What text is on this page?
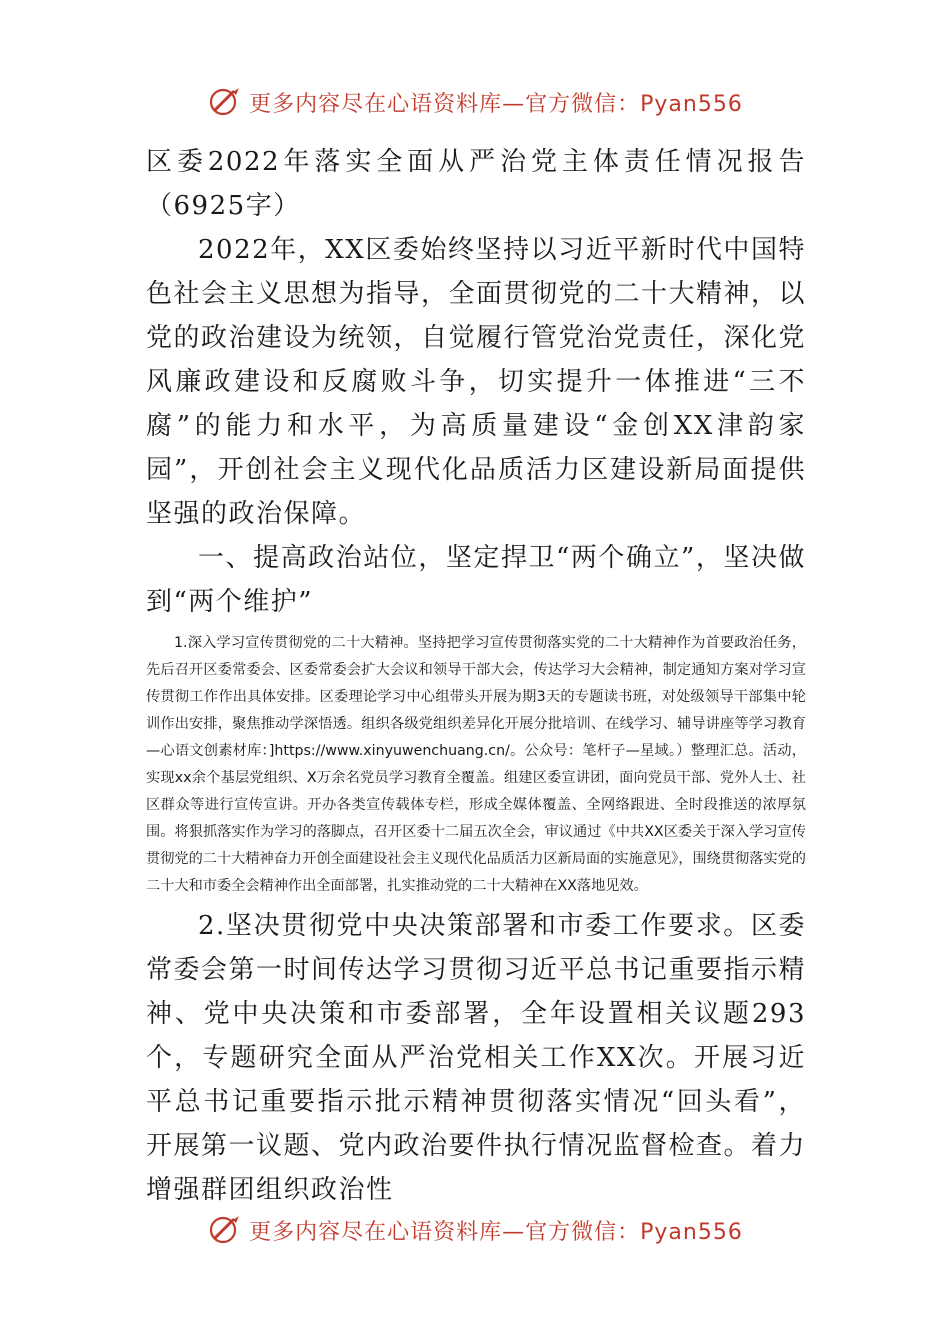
更多内容尽在心语资料库—官方微信：Pyan556

区委2022年落实全面从严治党主体责任情况报告（6925字）

2022年，XX区委始终坚持以习近平新时代中国特色社会主义思想为指导，全面贯彻党的二十大精神，以党的政治建设为统领，自觉履行管党治党责任，深化党风廉政建设和反腐败斗争，切实提升一体推进“三不腐”的能力和水平，为高质量建设“金创XX津韵家园”，开创社会主义现代化品质活力区建设新局面提供坚强的政治保障。

一、提高政治站位，坚定捍卫“两个确立”，坚决做到“两个维护”

1.深入学习宣传贯彻党的二十大精神。坚持把学习宣传贯彻落实党的二十大精神作为首要政治任务，先后召开区委常委会、区委常委会扩大会议和领导干部大会，传达学习大会精神，制定通知方案对学习宣传贯彻工作作出具体安排。区委理论学习中心组带头开展为期3天的专题读书班，对处级领导干部集中轮训作出安排，聚焦推动学深悟透。组织各级党组织差异化开展分批培训、在线学习、辅导讲座等学习教育—心语文创素材库：]https://www.xinyuwenchuang.cn/。公众号：笔杆子—星域。）整理汇总。活动，实现xx余个基层党组织、X万余名党员学习教育全覆盖。组建区委宣讲团，面向党员干部、党外人士、社区群众等进行宣传宣讲。开办各类宣传载体专栏，形成全媒体覆盖、全网络跟进、全时段推送的浓厚氛围。将狠抓落实作为学习的落脚点，召开区委十二届五次全会，审议通过《中共XX区委关于深入学习宣传贯彻党的二十大精神奋力开创全面建设社会主义现代化品质活力区新局面的实施意见》，围绕贯彻落实党的二十大和市委全会精神作出全面部署，扎实推动党的二十大精神在XX落地见效。

2.坚决贯彻党中央决策部署和市委工作要求。区委常委会第一时间传达学习贯彻习近平总书记重要指示精神、党中央决策和市委部署，全年设置相关议题293个，专题研究全面从严治党相关工作XX次。开展习近平总书记重要指示批示精神贯彻落实情况“回头看”，开展第一议题、党内政治要件执行情况监督检查。着力增强群团组织政治性

更多内容尽在心语资料库—官方微信：Pyan556
